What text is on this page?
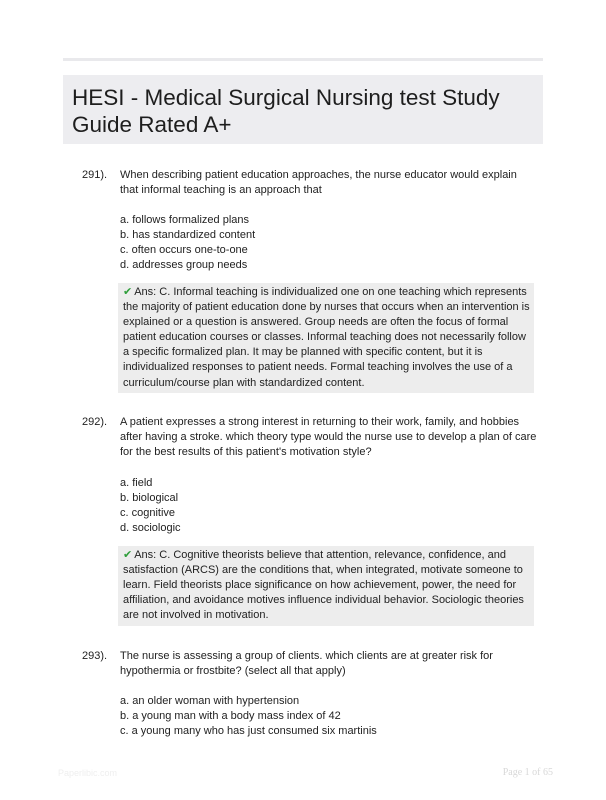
HESI - Medical Surgical Nursing test Study Guide Rated A+
291). When describing patient education approaches, the nurse educator would explain that informal teaching is an approach that
a. follows formalized plans
b. has standardized content
c. often occurs one-to-one
d. addresses group needs
✔ Ans: C. Informal teaching is individualized one on one teaching which represents the majority of patient education done by nurses that occurs when an intervention is explained or a question is answered. Group needs are often the focus of formal patient education courses or classes. Informal teaching does not necessarily follow a specific formalized plan. It may be planned with specific content, but it is individualized responses to patient needs. Formal teaching involves the use of a curriculum/course plan with standardized content.
292). A patient expresses a strong interest in returning to their work, family, and hobbies after having a stroke. which theory type would the nurse use to develop a plan of care for the best results of this patient's motivation style?
a. field
b. biological
c. cognitive
d. sociologic
✔ Ans: C. Cognitive theorists believe that attention, relevance, confidence, and satisfaction (ARCS) are the conditions that, when integrated, motivate someone to learn. Field theorists place significance on how achievement, power, the need for affiliation, and avoidance motives influence individual behavior. Sociologic theories are not involved in motivation.
293). The nurse is assessing a group of clients. which clients are at greater risk for hypothermia or frostbite? (select all that apply)
a. an older woman with hypertension
b. a young man with a body mass index of 42
c. a young many who has just consumed six martinis
Paperlibic.com	Page 1 of 65
